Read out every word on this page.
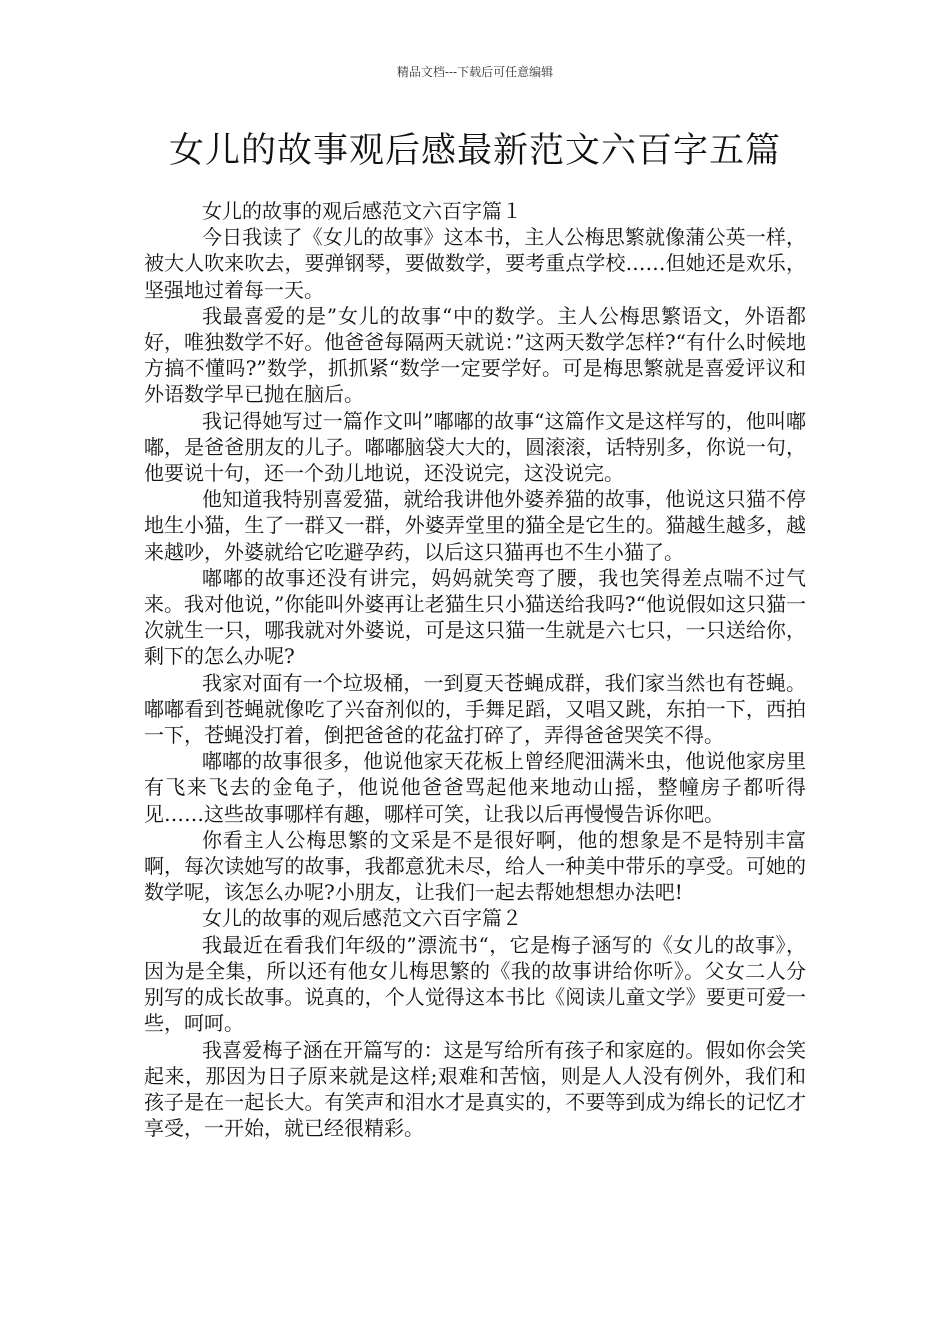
精品文档---下载后可任意编辑
女儿的故事观后感最新范文六百字五篇

女儿的故事的观后感范文六百字篇１

今日我读了《女儿的故事》这本书，主人公梅思繁就像蒲公英一样，被大人吹来吹去，要弹钢琴，要做数学，要考重点学校……但她还是欢乐，坚强地过着每一天。

我最喜爱的是”女儿的故事“中的数学。主人公梅思繁语文，外语都好，唯独数学不好。他爸爸每隔两天就说：”这两天数学怎样?“有什么时候地方搞不懂吗?”数学，抓抓紧“数学一定要学好。可是梅思繁就是喜爱评议和外语数学早已抛在脑后。

我记得她写过一篇作文叫”嘟嘟的故事“这篇作文是这样写的，他叫嘟嘟，是爸爸朋友的儿子。嘟嘟脑袋大大的，圆滚滚，话特别多，你说一句，他要说十句，还一个劲儿地说，还没说完，这没说完。

他知道我特别喜爱猫，就给我讲他外婆养猫的故事，他说这只猫不停地生小猫，生了一群又一群，外婆弄堂里的猫全是它生的。猫越生越多，越来越吵，外婆就给它吃避孕药，以后这只猫再也不生小猫了。

嘟嘟的故事还没有讲完，妈妈就笑弯了腰，我也笑得差点喘不过气来。我对他说，”你能叫外婆再让老猫生只小猫送给我吗?“他说假如这只猫一次就生一只，哪我就对外婆说，可是这只猫一生就是六七只，一只送给你，剩下的怎么办呢?

我家对面有一个垃圾桶，一到夏天苍蝇成群，我们家当然也有苍蝇。嘟嘟看到苍蝇就像吃了兴奋剂似的，手舞足蹈，又唱又跳，东拍一下，西拍一下，苍蝇没打着，倒把爸爸的花盆打碎了，弄得爸爸哭笑不得。

嘟嘟的故事很多，他说他家天花板上曾经爬沺满米虫，他说他家房里有飞来飞去的金龟子，他说他爸爸骂起他来地动山摇，整幢房子都听得见……这些故事哪样有趣，哪样可笑，让我以后再慢慢告诉你吧。

你看主人公梅思繁的文采是不是很好啊，他的想象是不是特别丰富啊，每次读她写的故事，我都意犹未尽，给人一种美中带乐的享受。可她的数学呢，该怎么办呢?小朋友，让我们一起去帮她想想办法吧!

女儿的故事的观后感范文六百字篇２

我最近在看我们年级的”漂流书“，它是梅子涵写的《女儿的故事》，因为是全集，所以还有他女儿梅思繁的《我的故事讲给你听》。父女二人分别写的成长故事。说真的，个人觉得这本书比《阅读儿童文学》要更可爱一些，呵呵。

我喜爱梅子涵在开篇写的：这是写给所有孩子和家庭的。假如你会笑起来，那因为日子原来就是这样;艰难和苦恼，则是人人没有例外，我们和孩子是在一起长大。有笑声和泪水才是真实的，不要等到成为绵长的记忆才享受，一开始，就已经很精彩。
